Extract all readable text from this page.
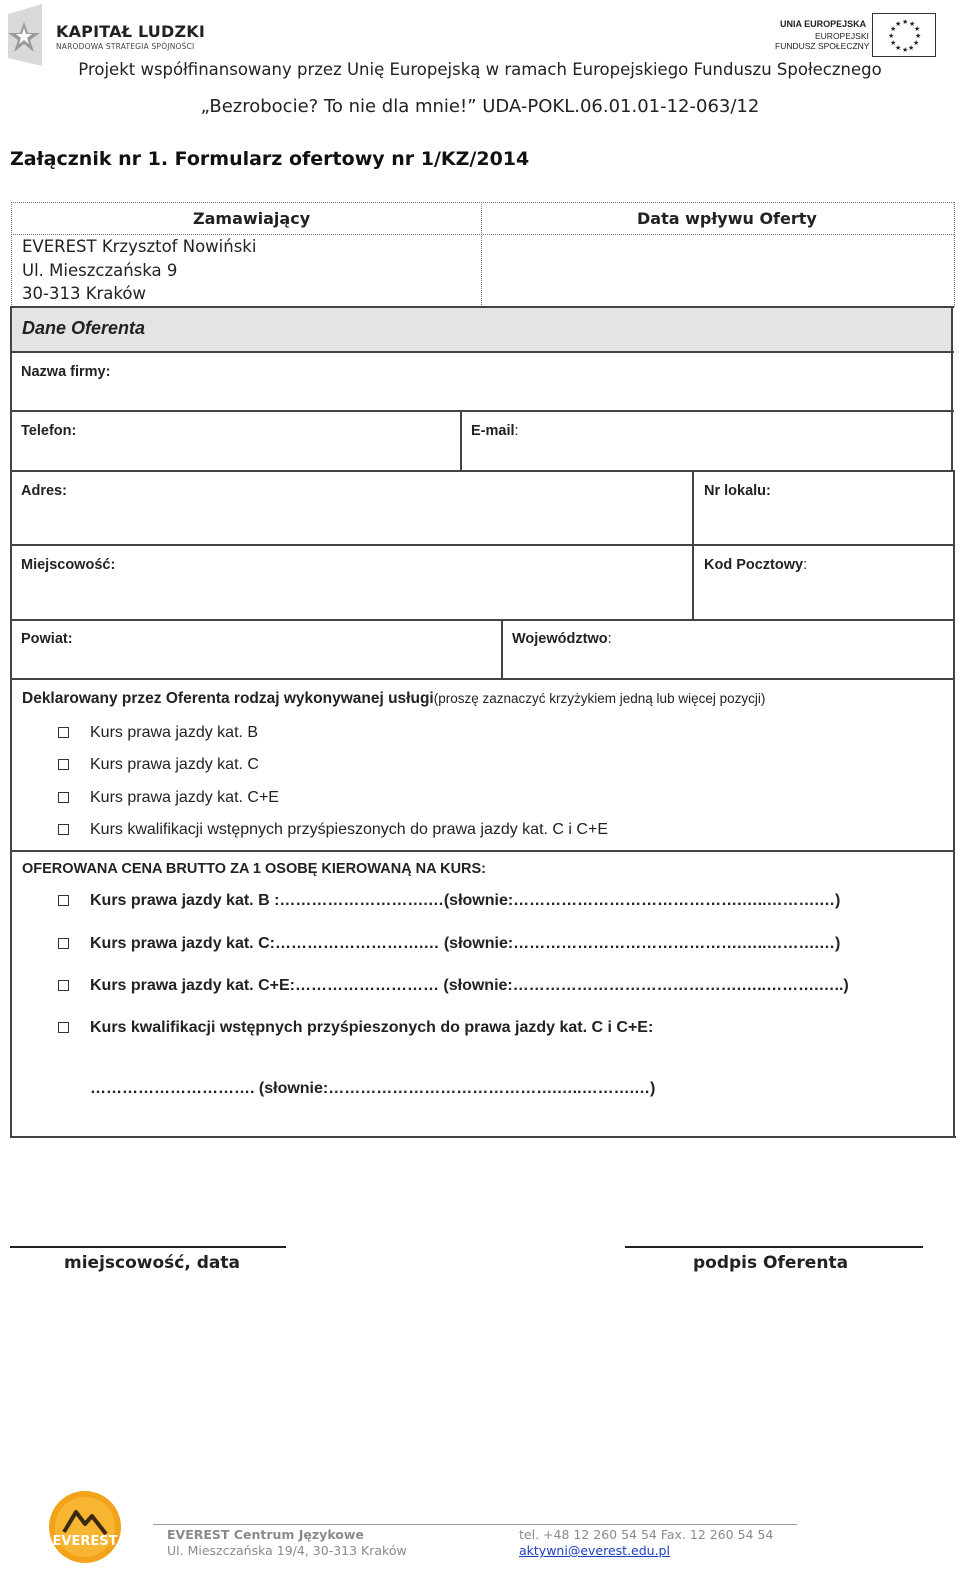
KAPITAŁ LUDZKI
NARODOWA STRATEGIA SPÓJNOŚCI
UNIA EUROPEJSKA
EUROPEJSKI
FUNDUSZ SPOŁECZNY
★ ★
★
★
★
★
★
★
★
★
★
★
Projekt współfinansowany przez Unię Europejską w ramach Europejskiego Funduszu Społecznego
„Bezrobocie? To nie dla mnie!” UDA-POKL.06.01.01-12-063/12
Załącznik nr 1. Formularz ofertowy nr 1/KZ/2014
Zamawiający	Data wpływu Oferty
EVEREST Krzysztof Nowiński
Ul. Mieszczańska 9
30-313 Kraków
Dane Oferenta
Nazwa firmy:
Telefon:	E-mail:
Adres:	Nr lokalu:
Miejscowość:	Kod Pocztowy:
Powiat:	Województwo:
Deklarowany przez Oferenta rodzaj wykonywanej usługi(proszę zaznaczyć krzyżykiem jedną lub więcej pozycji)
Kurs prawa jazdy kat. B
Kurs prawa jazdy kat. C
Kurs prawa jazdy kat. C+E
Kurs kwalifikacji wstępnych przyśpieszonych do prawa jazdy kat. C i C+E
OFEROWANA CENA BRUTTO ZA 1 OSOBĘ KIEROWANĄ NA KURS:
Kurs prawa jazdy kat. B :……………………….…(słownie:…………………………………….…..……….…)
Kurs prawa jazdy kat. C:……………………….… (słownie:…………………………………….…..……….…)
Kurs prawa jazdy kat. C+E:……………………… (słownie:…………………………………….…..……….…..)
Kurs kwalifikacji wstępnych przyśpieszonych do prawa jazdy kat. C i C+E:
…………………………. (słownie:…………………………………….…..……….…)
miejscowość, data	podpis Oferenta
EVEREST	EVEREST Centrum Językowe
Ul. Mieszczańska 19/4, 30-313 Kraków
tel. +48 12 260 54 54 Fax. 12 260 54 54
aktywni@everest.edu.pl
